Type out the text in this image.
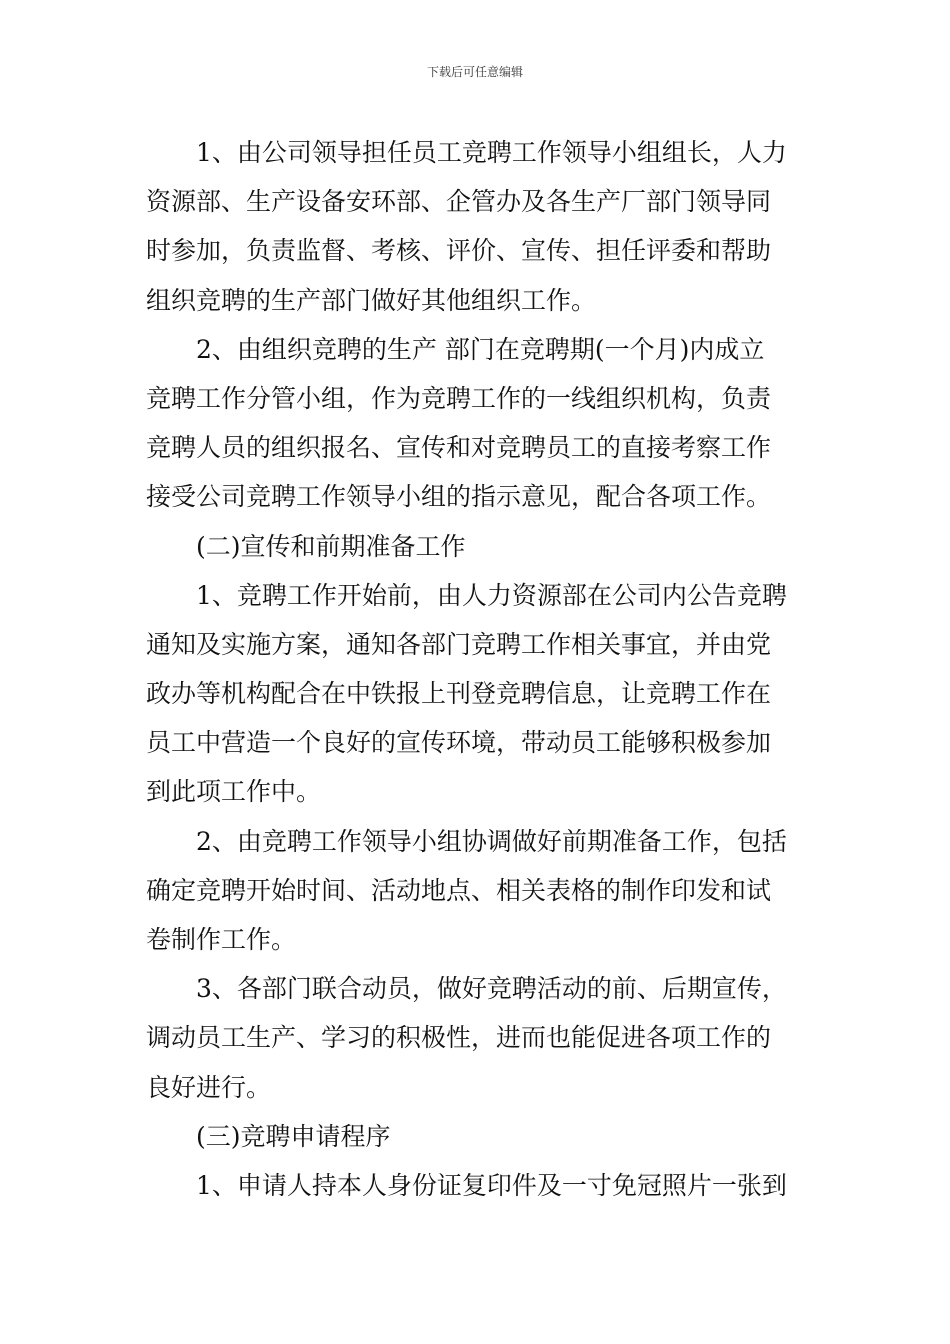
下载后可任意编辑
1、由公司领导担任员工竞聘工作领导小组组长，人力
资源部、生产设备安环部、企管办及各生产厂部门领导同
时参加，负责监督、考核、评价、宣传、担任评委和帮助
组织竞聘的生产部门做好其他组织工作。
2、由组织竞聘的生产 部门在竞聘期(一个月)内成立
竞聘工作分管小组，作为竞聘工作的一线组织机构，负责
竞聘人员的组织报名、宣传和对竞聘员工的直接考察工作
接受公司竞聘工作领导小组的指示意见，配合各项工作。
(二)宣传和前期准备工作
1、竞聘工作开始前，由人力资源部在公司内公告竞聘
通知及实施方案，通知各部门竞聘工作相关事宜，并由党
政办等机构配合在中铁报上刊登竞聘信息，让竞聘工作在
员工中营造一个良好的宣传环境，带动员工能够积极参加
到此项工作中。
2、由竞聘工作领导小组协调做好前期准备工作，包括
确定竞聘开始时间、活动地点、相关表格的制作印发和试
卷制作工作。
3、各部门联合动员，做好竞聘活动的前、后期宣传，
调动员工生产、学习的积极性，进而也能促进各项工作的
良好进行。
(三)竞聘申请程序
1、申请人持本人身份证复印件及一寸免冠照片一张到
